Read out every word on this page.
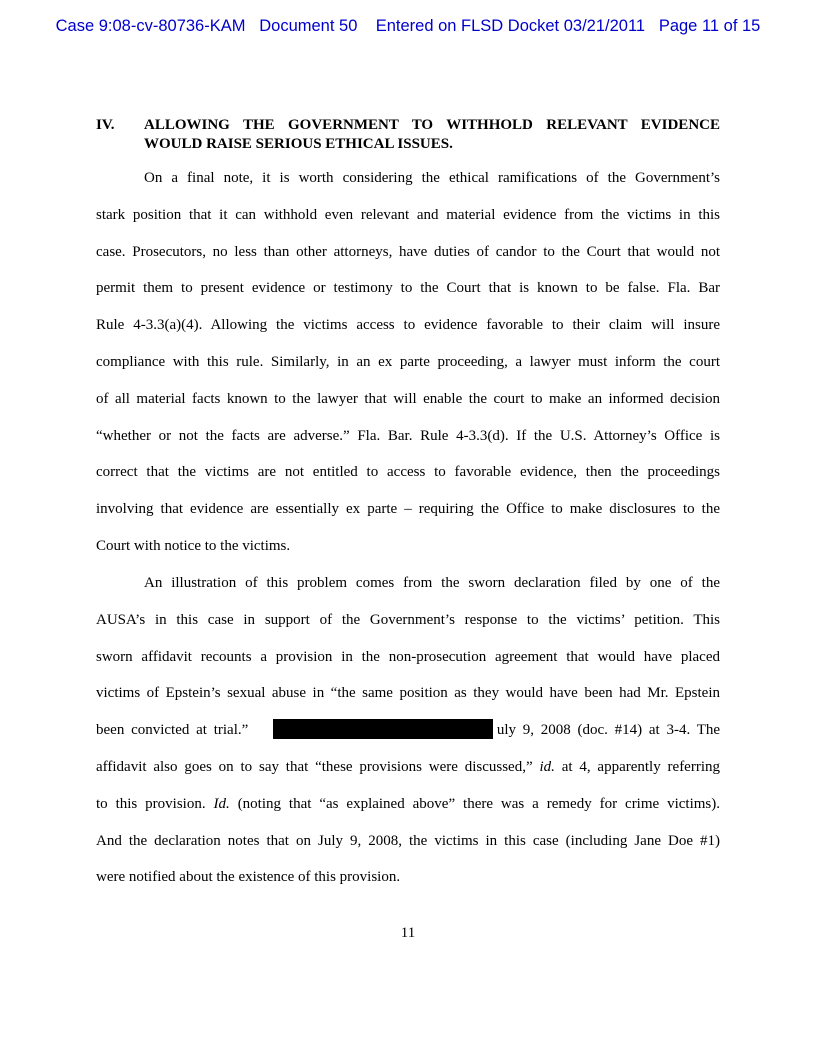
Case 9:08-cv-80736-KAM   Document 50    Entered on FLSD Docket 03/21/2011   Page 11 of 15
IV. ALLOWING THE GOVERNMENT TO WITHHOLD RELEVANT EVIDENCE
WOULD RAISE SERIOUS ETHICAL ISSUES.
On a final note, it is worth considering the ethical ramifications of the Government’s
stark position that it can withhold even relevant and material evidence from the victims in this
case. Prosecutors, no less than other attorneys, have duties of candor to the Court that would not
permit them to present evidence or testimony to the Court that is known to be false. Fla. Bar
Rule 4-3.3(a)(4). Allowing the victims access to evidence favorable to their claim will insure
compliance with this rule. Similarly, in an ex parte proceeding, a lawyer must inform the court
of all material facts known to the lawyer that will enable the court to make an informed decision
“whether or not the facts are adverse.” Fla. Bar. Rule 4-3.3(d). If the U.S. Attorney’s Office is
correct that the victims are not entitled to access to favorable evidence, then the proceedings
involving that evidence are essentially ex parte – requiring the Office to make disclosures to the
Court with notice to the victims.
An illustration of this problem comes from the sworn declaration filed by one of the
AUSA’s in this case in support of the Government’s response to the victims’ petition. This
sworn affidavit recounts a provision in the non-prosecution agreement that would have placed
victims of Epstein’s sexual abuse in “the same position as they would have been had Mr. Epstein
been convicted at trial.”	uly 9, 2008 (doc. #14) at 3-4. The
affidavit also goes on to say that “these provisions were discussed,” id. at 4, apparently referring
to this provision. Id. (noting that “as explained above” there was a remedy for crime victims).
And the declaration notes that on July 9, 2008, the victims in this case (including Jane Doe #1)
were notified about the existence of this provision.
11
